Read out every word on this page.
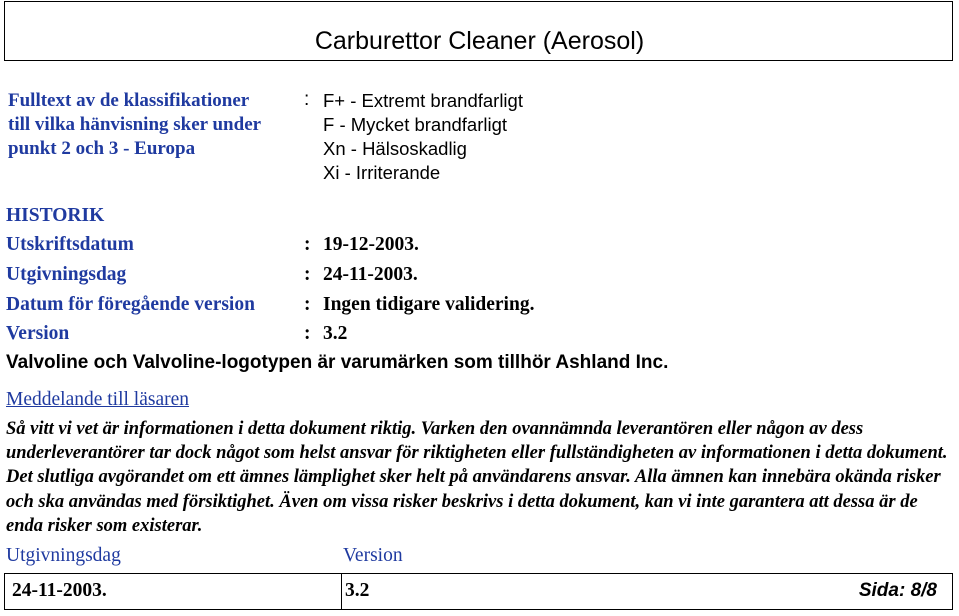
Carburettor Cleaner (Aerosol)
Fulltext av de klassifikationer
till vilka hänvisning sker under
punkt 2 och 3 - Europa
: F+ - Extremt brandfarligt
F - Mycket brandfarligt
Xn - Hälsoskadlig
Xi - Irriterande
HISTORIK
Utskriftsdatum	: 19-12-2003.
Utgivningsdag	: 24-11-2003.
Datum för föregående version	: Ingen tidigare validering.
Version	: 3.2
Valvoline och Valvoline-logotypen är varumärken som tillhör Ashland Inc.
Meddelande till läsaren
Så vitt vi vet är informationen i detta dokument riktig. Varken den ovannämnda leverantören eller någon av dess underleverantörer tar dock något som helst ansvar för riktigheten eller fullständigheten av informationen i detta dokument. Det slutliga avgörandet om ett ämnes lämplighet sker helt på användarens ansvar. Alla ämnen kan innebära okända risker och ska användas med försiktighet. Även om vissa risker beskrivs i detta dokument, kan vi inte garantera att dessa är de enda risker som existerar.
Utgivningsdag	Version
24-11-2003.	3.2	Sida: 8/8
